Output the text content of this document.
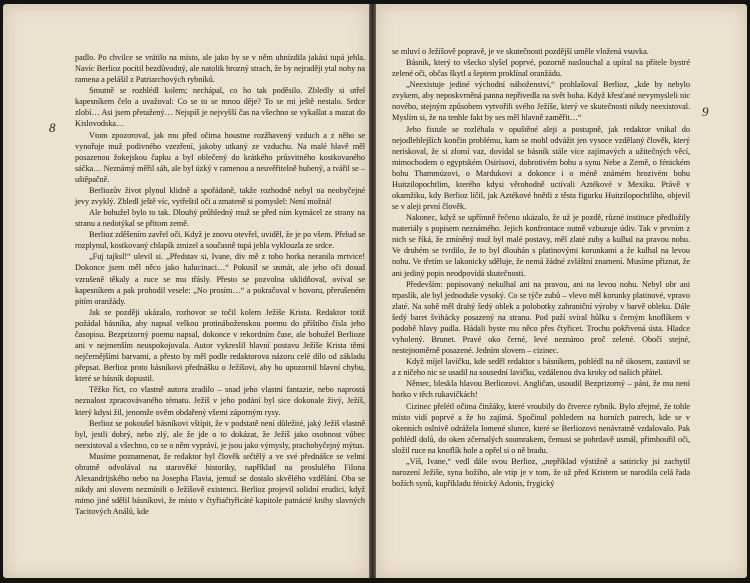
8

padlo. Po chvilce se vrátilo na místo, ale jako by se v něm uhnízdila jakási tupá jehla. Navíc Berlioz pocítil bezdůvodný, ale natolik hrozný strach, že by nejraději ytal nohy na ramena a pelášil z Patriarchových rybníků.

Smutně se rozhlédl kolem; nechápal, co ho tak poděsilo. Zbledly si utřel kapesníkem čelo a uvažoval: Co se to se mnou děje? To se mi ještě nestalo. Srdce zlobí… Asi jsem přetažený… Nejspíš je nejvyšší čas na všechno se vykašlat a mazat do Kislovodska…

Vtom zpozoroval, jak mu před očima houstne rozžhavený vzduch a z něho se vynořuje muž podivného vzezření, jakoby utkaný ze vzduchu. Na malé hlavě měl posazenou žokejskou čapku a byl oblečený do krátkého průsvitného kostkovaného sáčka… Neznámý měřil sáh, ale byl úzký v ramenou a neuvěřitelně hubený, a tvářil se – uštěpačně.

Berliozův život plynul klidně a spořádaně, takže rozhodně nebyl na neobyčejné jevy zvyklý. Zbledl ještě víc, vytřeštil oči a zmateně si pomyslel: Není možná!

Ale bohužel bylo to tak. Dlouhý průhledný muž se před ním kymácel ze strany na stranu a nedotýkal se přitom země.

Berlioz zděšením zavřel oči. Když je znovu otevřel, uviděl, že je po všem. Přelud se rozplynul, kostkovaný chlapík zmizel a současně tupá jehla vyklouzla ze srdce.

„Fuj tajksl!“ ulevil si. „Představ si, Ivane, div mě z toho horka neranila mrtvice! Dokonce jsem měl něco jako halucinaci…“ Pokusil se usmát, ale jeho oči dosud vzrušeně těkaly a ruce se mu třásly. Přesto se pozvolna uklidňoval, ovíval se kapesníkem a pak prohodil vesele: „No prosím…“ a pokračoval v hovoru, přerušeném pitím oranžády.

Jak se později ukázalo, rozhovor se točil kolem Ježíše Krista. Redaktor totiž požádal básníka, aby napsal velkou protináboženskou poemu do příštího čísla jeho časopisu. Bezprizorný poemu napsal, dokonce v rekordním čase, ale bohužel Berlioze ani v nejmenším neuspokojovala. Autor vykreslil hlavní postavu Ježíše Krista těmi nejčernějšími barvami, a přesto by měl podle redaktorova názoru celé dílo od základu přepsat. Berlioz proto básníkovi přednášku o Ježíšovi, aby ho upozornil hlavní chybu, které se básník dopustil.

Těžko říct, co vlastně autora zradilo – snad jeho vlastní fantazie, nebo naprostá neznalost zpracovávaného tématu. Ježíš v jeho podání byl sice dokonale živý, Ježíš, který kdysi žil, jenomže ověm obdařený všemi záporným rysy.

Berlioz se pokoušel básníkovi vštípit, že v podstatě není důležité, jaký Ježíš vlastně byl, jestli dobrý, nebo zlý, ale že jde o to dokázat, že Ježíš jako osobnost vůbec neexistoval a všechno, co se o něm vypráví, je jsou jako výmysly, prachobyčejný mýtus.

Musíme poznamenat, že redaktor byl člověk sečtělý a ve své přednášce se velmi obratně odvolával na starověké historiky, například na proslulého Filona Alexandrijského nebo na Josepha Flavia, jemuž se dostalo skvělého vzdělání. Oba se nikdy ani slovem nezmínili o Ježíšově existenci. Berlioz projevil solidní erudici, když mimo jiné sdělil básníkovi, že místo v čtyřiačtyřicáté kapitole patnácté knihy slavných Tacitových Análů, kde

9

se mluví o Ježíšově popravě, je ve skutečnosti pozdější uměle vložená vsuvka.

Básník, který to všecko slyšel poprvé, pozorně naslouchal a upíral na přítele bystré zelené oči, občas škytl a šeptem proklínal oranžádu.

„Neexistuje jediné východní náboženství,“ prohlašoval Berlioz, „kde by nebylo zvykem, aby neposkvrněná panna nepřivedla na svět boha. Když křesťané nevymysleli nic nového, stejným způsobem vytvořili svého Ježíše, který ve skutečnosti nikdy neexistoval. Myslím si, že na tenhle fakt by ses měl hlavně zaměřit…“

Jeho fistule se rozléhala v opuštěné aleji a postupně, jak redaktor vnikal do nejodlehlejších končin problému, kam se mohl odvážit jen vysoce vzdělaný člověk, který neriskoval, že si zlomí vaz, dovídal se básník stále více zajímavých a užitečných věcí, mimochodem o egyptském Osirisovi, dobrotivém bohu a synu Nebe a Země, o fénickém bohu Thammúzovi, o Mardukovi a dokonce i o méně známém hrozivém bohu Huitzilopochtlim, kterého kdysi věrohodně uctívali Aztékové v Mexiku. Právě v okamžiku, kdy Berlioz líčil, jak Aztékové hnětli z těsta figurku Huitzilopochtlího, objevil se v aleji první člověk.

Nakonec, když se upřímně řečeno ukázalo, že už je pozdě, různé instituce předložily materiály s popisem neznámého. Jejich konfrontace nutně vzbuzuje údiv. Tak v prvním z nich se říká, že zmíněný muž byl malé postavy, měl zlaté zuby a kulhal na pravou nohu. Ve druhém se tvrdilo, že to byl dlouhán s platinovými korunkami a že kulhal na levou nohu. Ve třetím se lakonicky sděluje, že nemá žádné zvláštní znamení. Musíme přiznat, že ani jediný popis neodpovídá skutečnosti.

Především: popisovaný nekulhal ani na pravou, ani na levou nohu. Nebyl obr ani trpaslík, ale byl jednoduše vysoký. Co se týče zubů – vlevo měl korunky platinové, vpravo zlaté. Na sobě měl drahý šedý oblek a polobotky zahraniční výroby v barvě obleku. Dále šedý baret švihácky posazený na stranu. Pod paží svíral hůlku s černým knoflíkem v podobě hlavy pudla. Hádali byste mu něco přes čtyřicet. Trochu pokřivená ústa. Hladce vyholený. Brunet. Pravé oko černé, levé neznámo proč zelené. Obočí stejné, nestejnoměrně posazené. Jedním slovem – cizinec.

Když míjel lavičku, kde seděl redaktor s básníkem, pohlédl na ně úkosem, zastavil se a z ničeho nic se usadil na sousední lavičku, vzdálenou dva kroky od našich přátel.

Němec, bleskla hlavou Berliozovi. Angličan, usoudil Bezprizorný – páni, že mu není horko v těch rukavičkách!

Cizinec přelétl očima činžáky, které vroubily do čtverce rybník. Bylo zřejmé, že tohle místo vidí poprvé a že ho zajímá. Spočinul pohledem na horních patrech, kde se v okenních oslnivě odrážela lomené slunce, které se Berliozovi nenávratně vzdalovalo. Pak pohlédl dolů, do oken zčernalých soumrakem, čemusi se pohrdavě usmál, přimhouřil oči, složil ruce na knoflík hole a opřel si o ně bradu.

„Víš, Ivane,“ vedl dále svou Berlioz, „nepříklad výstižně a satiricky jsi zachytil narození Ježíše, syna božího, ale vtip je v tom, že už před Kristem se narodila celá řada božích synů, kupříkladu fénický Adonis, frygický
